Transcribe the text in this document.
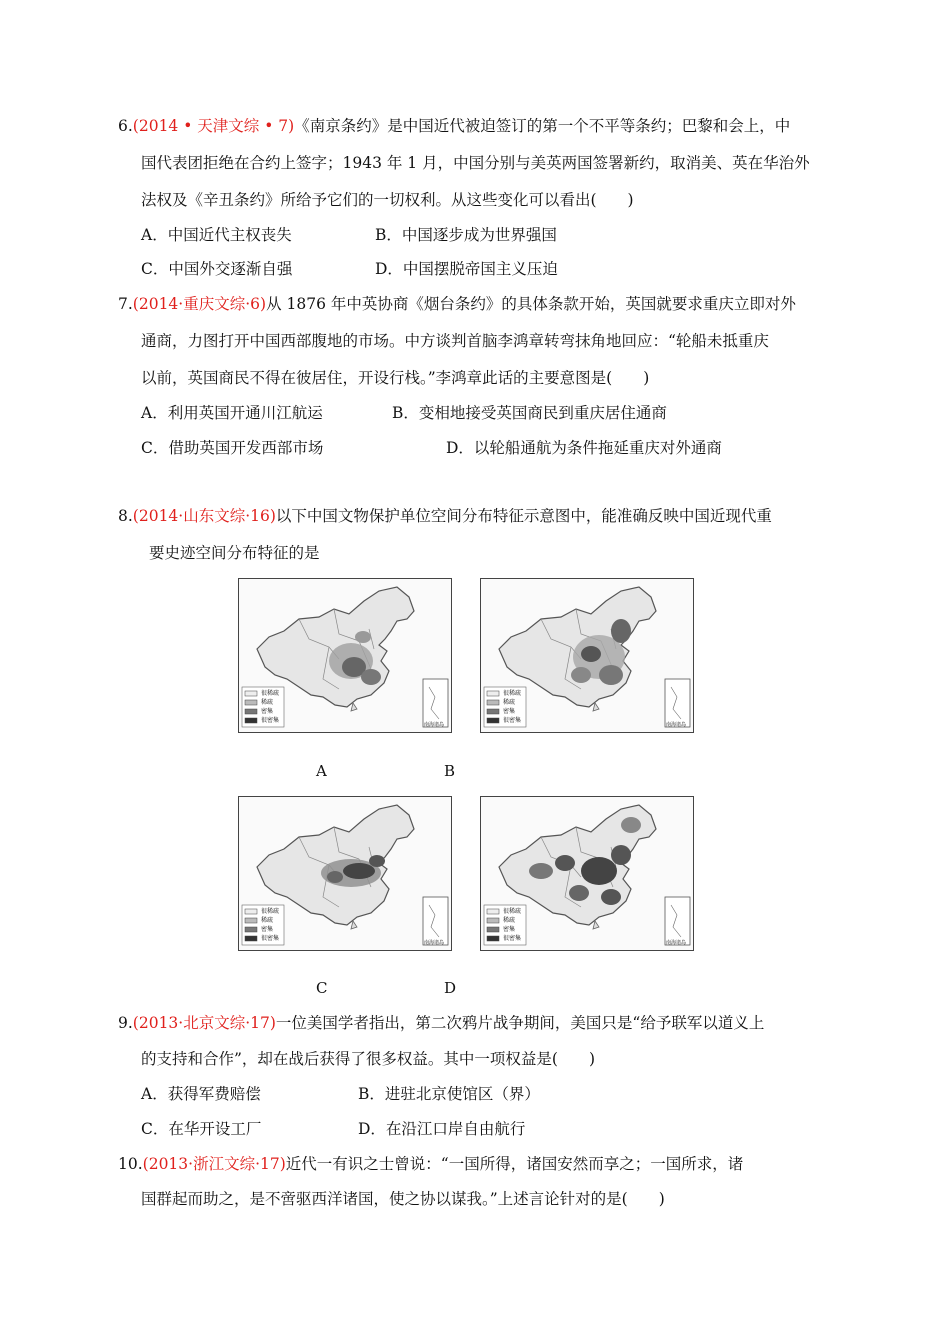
6.(2014 • 天津文综 • 7)《南京条约》是中国近代被迫签订的第一个不平等条约；巴黎和会上，中
国代表团拒绝在合约上签字；1943 年 1 月，中国分别与美英两国签署新约，取消美、英在华治外
法权及《辛丑条约》所给予它们的一切权利。从这些变化可以看出(　　)
A．中国近代主权丧失	B．中国逐步成为世界强国
C．中国外交逐渐自强	D．中国摆脱帝国主义压迫
7.(2014·重庆文综·6)从 1876 年中英协商《烟台条约》的具体条款开始，英国就要求重庆立即对外
通商，力图打开中国西部腹地的市场。中方谈判首脑李鸿章转弯抹角地回应：“轮船未抵重庆
以前，英国商民不得在彼居住，开设行栈。”李鸿章此话的主要意图是(　　)
A．利用英国开通川江航运	B．变相地接受英国商民到重庆居住通商
C．借助英国开发西部市场	D．以轮船通航为条件拖延重庆对外通商
8.(2014·山东文综·16)以下中国文物保护单位空间分布特征示意图中，能准确反映中国近现代重
要史迹空间分布特征的是
很稀疏
稀疏
密集
很密集
南海诸岛
很稀疏
稀疏
密集
很密集
南海诸岛
A	B
很稀疏
稀疏
密集
很密集
南海诸岛
很稀疏
稀疏
密集
很密集
南海诸岛
C	D
9.(2013·北京文综·17)一位美国学者指出，第二次鸦片战争期间，美国只是“给予联军以道义上
的支持和合作”，却在战后获得了很多权益。其中一项权益是(　　)
A．获得军费赔偿	B．进驻北京使馆区（界）
C．在华开设工厂	D．在沿江口岸自由航行
10.(2013·浙江文综·17)近代一有识之士曾说：“一国所得，诸国安然而享之；一国所求，诸
国群起而助之，是不啻驱西洋诸国，使之协以谋我。”上述言论针对的是(　　)
